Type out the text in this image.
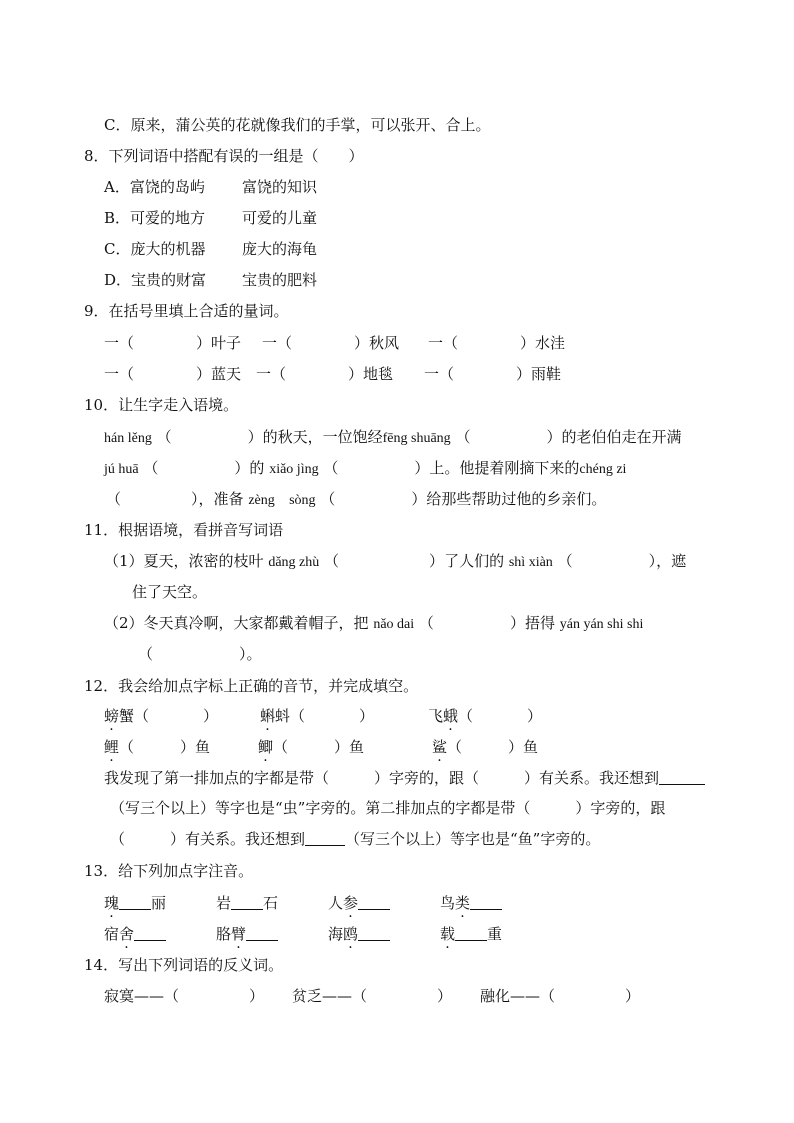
C．原来，蒲公英的花就像我们的手掌，可以张开、合上。
8．下列词语中搭配有误的一组是（　　）
A．富饶的岛屿 富饶的知识
B．可爱的地方 可爱的儿童
C．庞大的机器 庞大的海龟
D．宝贵的财富 宝贵的肥料
9．在括号里填上合适的量词。
一（	）叶子 一（	）秋风 一（	）水洼
一（	）蓝天 一（	）地毯 一（	）雨鞋
10．让生字走入语境。
hán lěng （	）的秋天，一位饱经fēng shuāng （	）的老伯伯走在开满
jú huā （	）的 xiǎo jìng （	）上。他提着刚摘下来的chéng zi
（	），准备 zèng sòng （	）给那些帮助过他的乡亲们。
11．根据语境，看拼音写词语
（1）夏天，浓密的枝叶 dǎng zhù （	）了人们的 shì xiàn （	），遮
住了天空。
（2）冬天真冷啊，大家都戴着帽子，把 nǎo dai （	）捂得 yán yán shi shi
（	）。
12．我会给加点字标上正确的音节，并完成填空。
螃蟹（	）	蝌蚪（	）	飞蛾（	）
鲤（	）鱼	鲫（	）鱼	鲨（	）鱼
我发现了第一排加点的字都是带（　　　）字旁的，跟（　　　）有关系。我还想到
（写三个以上）等字也是“虫”字旁的。第二排加点的字都是带（　　　）字旁的，跟
（　　　）有关系。我还想到	（写三个以上）等字也是“鱼”字旁的。
13．给下列加点字注音。
瑰 丽	岩 石	人参	鸟类
宿舍	胳臂	海鸥	载 重
14．写出下列词语的反义词。
寂寞——（	） 贫乏——（	） 融化——（	）
